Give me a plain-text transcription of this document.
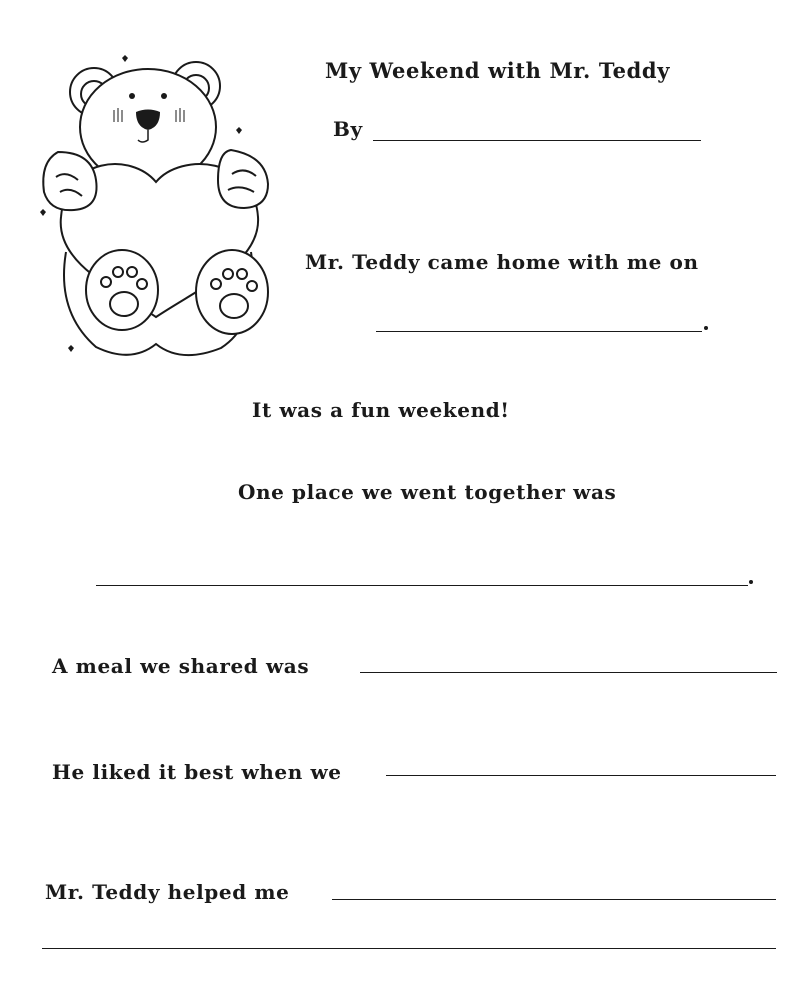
My Weekend with Mr. Teddy
By
Mr. Teddy came home with me on
It was a fun weekend!
One place we went together was
A meal we shared was
He liked it best when we
Mr. Teddy helped me
